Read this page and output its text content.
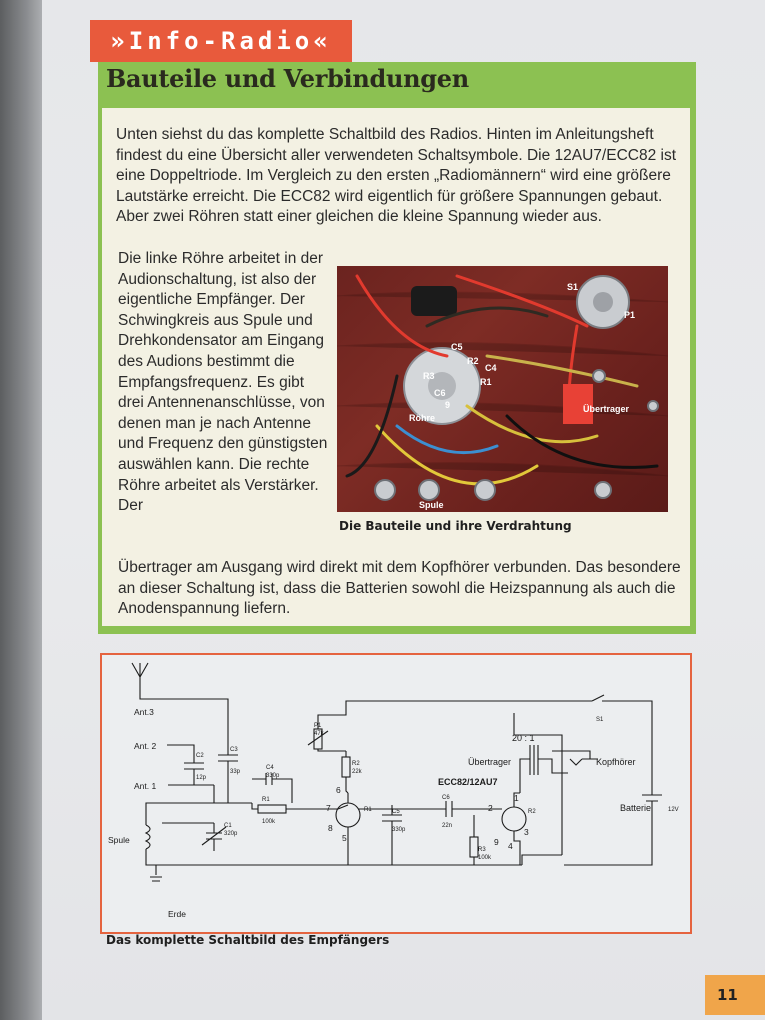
»Info-Radio«
Bauteile und Verbindungen
Unten siehst du das komplette Schaltbild des Radios. Hinten im Anleitungsheft findest du eine Übersicht aller verwendeten Schaltsymbole. Die 12AU7/ECC82 ist eine Doppeltriode. Im Vergleich zu den ersten „Radiomännern“ wird eine größere Lautstärke erreicht. Die ECC82 wird eigentlich für größere Spannungen gebaut. Aber zwei Röhren statt einer gleichen die kleine Spannung wieder aus.
Die linke Röhre arbeitet in der Audionschaltung, ist also der eigentliche Empfänger. Der Schwingkreis aus Spule und Drehkondensator am Eingang des Audions bestimmt die Empfangsfrequenz. Es gibt drei Antennenanschlüsse, von denen man je nach Antenne und Frequenz den günstigsten auswählen kann. Die rechte Röhre arbeitet als Verstärker. Der
Übertrager am Ausgang wird direkt mit dem Kopfhörer verbunden. Das besondere an dieser Schaltung ist, dass die Batterien sowohl die Heizspannung als auch die Anodenspannung liefern.
S1
P1
C5
R2
C4
R3
R1
C6
9
Röhre
Übertrager
Spule
Die Bauteile und ihre Verdrahtung
Ant.3
Ant. 2
Ant. 1
Spule
Erde
C2
12p
C3
33p
C4
330p
R1
100k
C1
320p
P1
47k
R2
22k
C5
330p
C6
22n
R3
100k
ECC82/12AU7
20 : 1
Übertrager	Kopfhörer
Batterie	12V
S1
6
7
8
5
2
1
3
9 4
R1	R2
Das komplette Schaltbild des Empfängers
11
